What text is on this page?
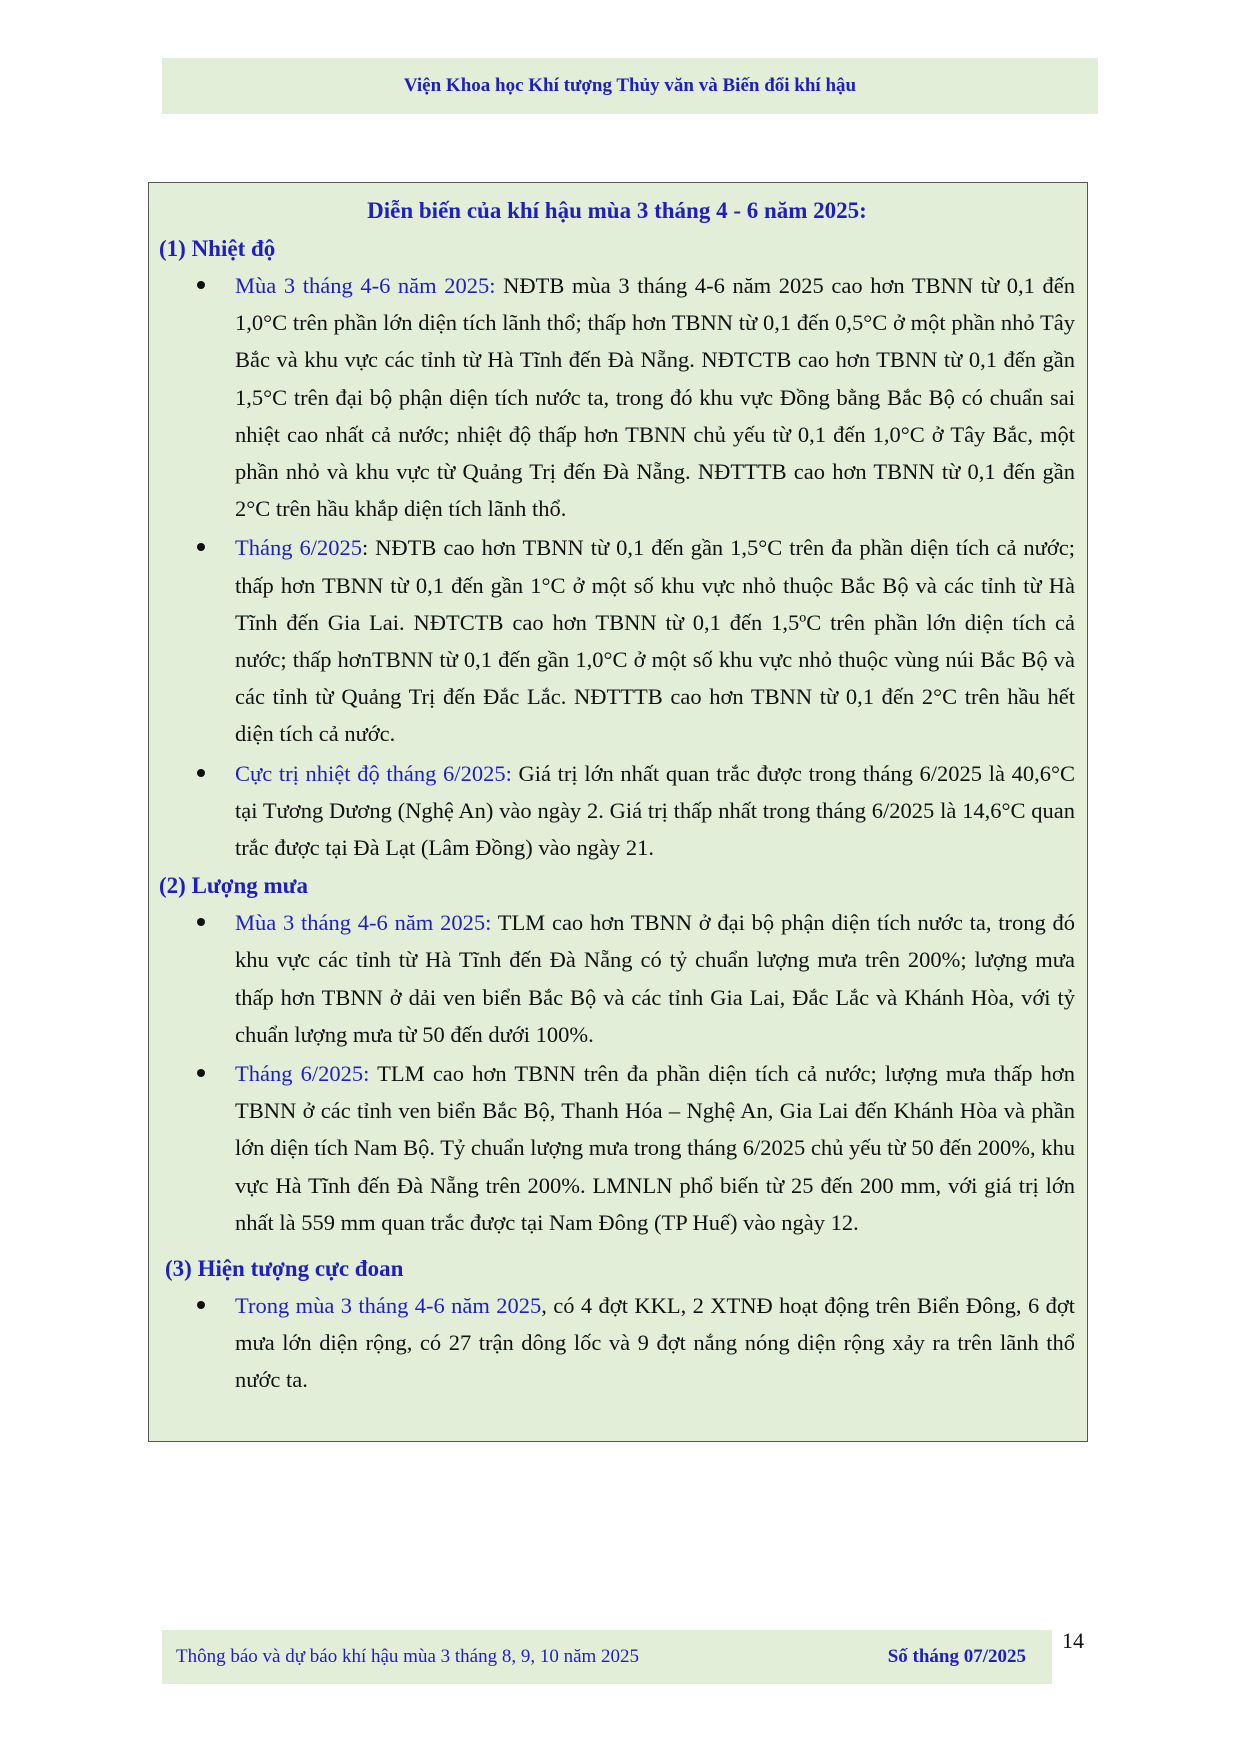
Viện Khoa học Khí tượng Thủy văn và Biến đổi khí hậu
Diễn biến của khí hậu mùa 3 tháng 4 - 6 năm 2025:
(1) Nhiệt độ
Mùa 3 tháng 4-6 năm 2025: NĐTB mùa 3 tháng 4-6 năm 2025 cao hơn TBNN từ 0,1 đến 1,0°C trên phần lớn diện tích lãnh thổ; thấp hơn TBNN từ 0,1 đến 0,5°C ở một phần nhỏ Tây Bắc và khu vực các tỉnh từ Hà Tĩnh đến Đà Nẵng. NĐTCTB cao hơn TBNN từ 0,1 đến gần 1,5°C trên đại bộ phận diện tích nước ta, trong đó khu vực Đồng bằng Bắc Bộ có chuẩn sai nhiệt cao nhất cả nước; nhiệt độ thấp hơn TBNN chủ yếu từ 0,1 đến 1,0°C ở Tây Bắc, một phần nhỏ và khu vực từ Quảng Trị đến Đà Nẵng. NĐTTTB cao hơn TBNN từ 0,1 đến gần 2°C trên hầu khắp diện tích lãnh thổ.
Tháng 6/2025: NĐTB cao hơn TBNN từ 0,1 đến gần 1,5°C trên đa phần diện tích cả nước; thấp hơn TBNN từ 0,1 đến gần 1°C ở một số khu vực nhỏ thuộc Bắc Bộ và các tỉnh từ Hà Tĩnh đến Gia Lai. NĐTCTB cao hơn TBNN từ 0,1 đến 1,5ºC trên phần lớn diện tích cả nước; thấp hơnTBNN từ 0,1 đến gần 1,0°C ở một số khu vực nhỏ thuộc vùng núi Bắc Bộ và các tỉnh từ Quảng Trị đến Đắc Lắc. NĐTTTB cao hơn TBNN từ 0,1 đến 2°C trên hầu hết diện tích cả nước.
Cực trị nhiệt độ tháng 6/2025: Giá trị lớn nhất quan trắc được trong tháng 6/2025 là 40,6°C tại Tương Dương (Nghệ An) vào ngày 2. Giá trị thấp nhất trong tháng 6/2025 là 14,6°C quan trắc được tại Đà Lạt (Lâm Đồng) vào ngày 21.
(2) Lượng mưa
Mùa 3 tháng 4-6 năm 2025: TLM cao hơn TBNN ở đại bộ phận diện tích nước ta, trong đó khu vực các tỉnh từ Hà Tĩnh đến Đà Nẵng có tỷ chuẩn lượng mưa trên 200%; lượng mưa thấp hơn TBNN ở dải ven biển Bắc Bộ và các tỉnh Gia Lai, Đắc Lắc và Khánh Hòa, với tỷ chuẩn lượng mưa từ 50 đến dưới 100%.
Tháng 6/2025: TLM cao hơn TBNN trên đa phần diện tích cả nước; lượng mưa thấp hơn TBNN ở các tỉnh ven biển Bắc Bộ, Thanh Hóa – Nghệ An, Gia Lai đến Khánh Hòa và phần lớn diện tích Nam Bộ. Tỷ chuẩn lượng mưa trong tháng 6/2025 chủ yếu từ 50 đến 200%, khu vực Hà Tĩnh đến Đà Nẵng trên 200%. LMNLN phổ biến từ 25 đến 200 mm, với giá trị lớn nhất là 559 mm quan trắc được tại Nam Đông (TP Huế) vào ngày 12.
(3) Hiện tượng cực đoan
Trong mùa 3 tháng 4-6 năm 2025, có 4 đợt KKL, 2 XTNĐ hoạt động trên Biển Đông, 6 đợt mưa lớn diện rộng, có 27 trận dông lốc và 9 đợt nắng nóng diện rộng xảy ra trên lãnh thổ nước ta.
Thông báo và dự báo khí hậu mùa 3 tháng 8, 9, 10 năm 2025	Số tháng 07/2025
14
